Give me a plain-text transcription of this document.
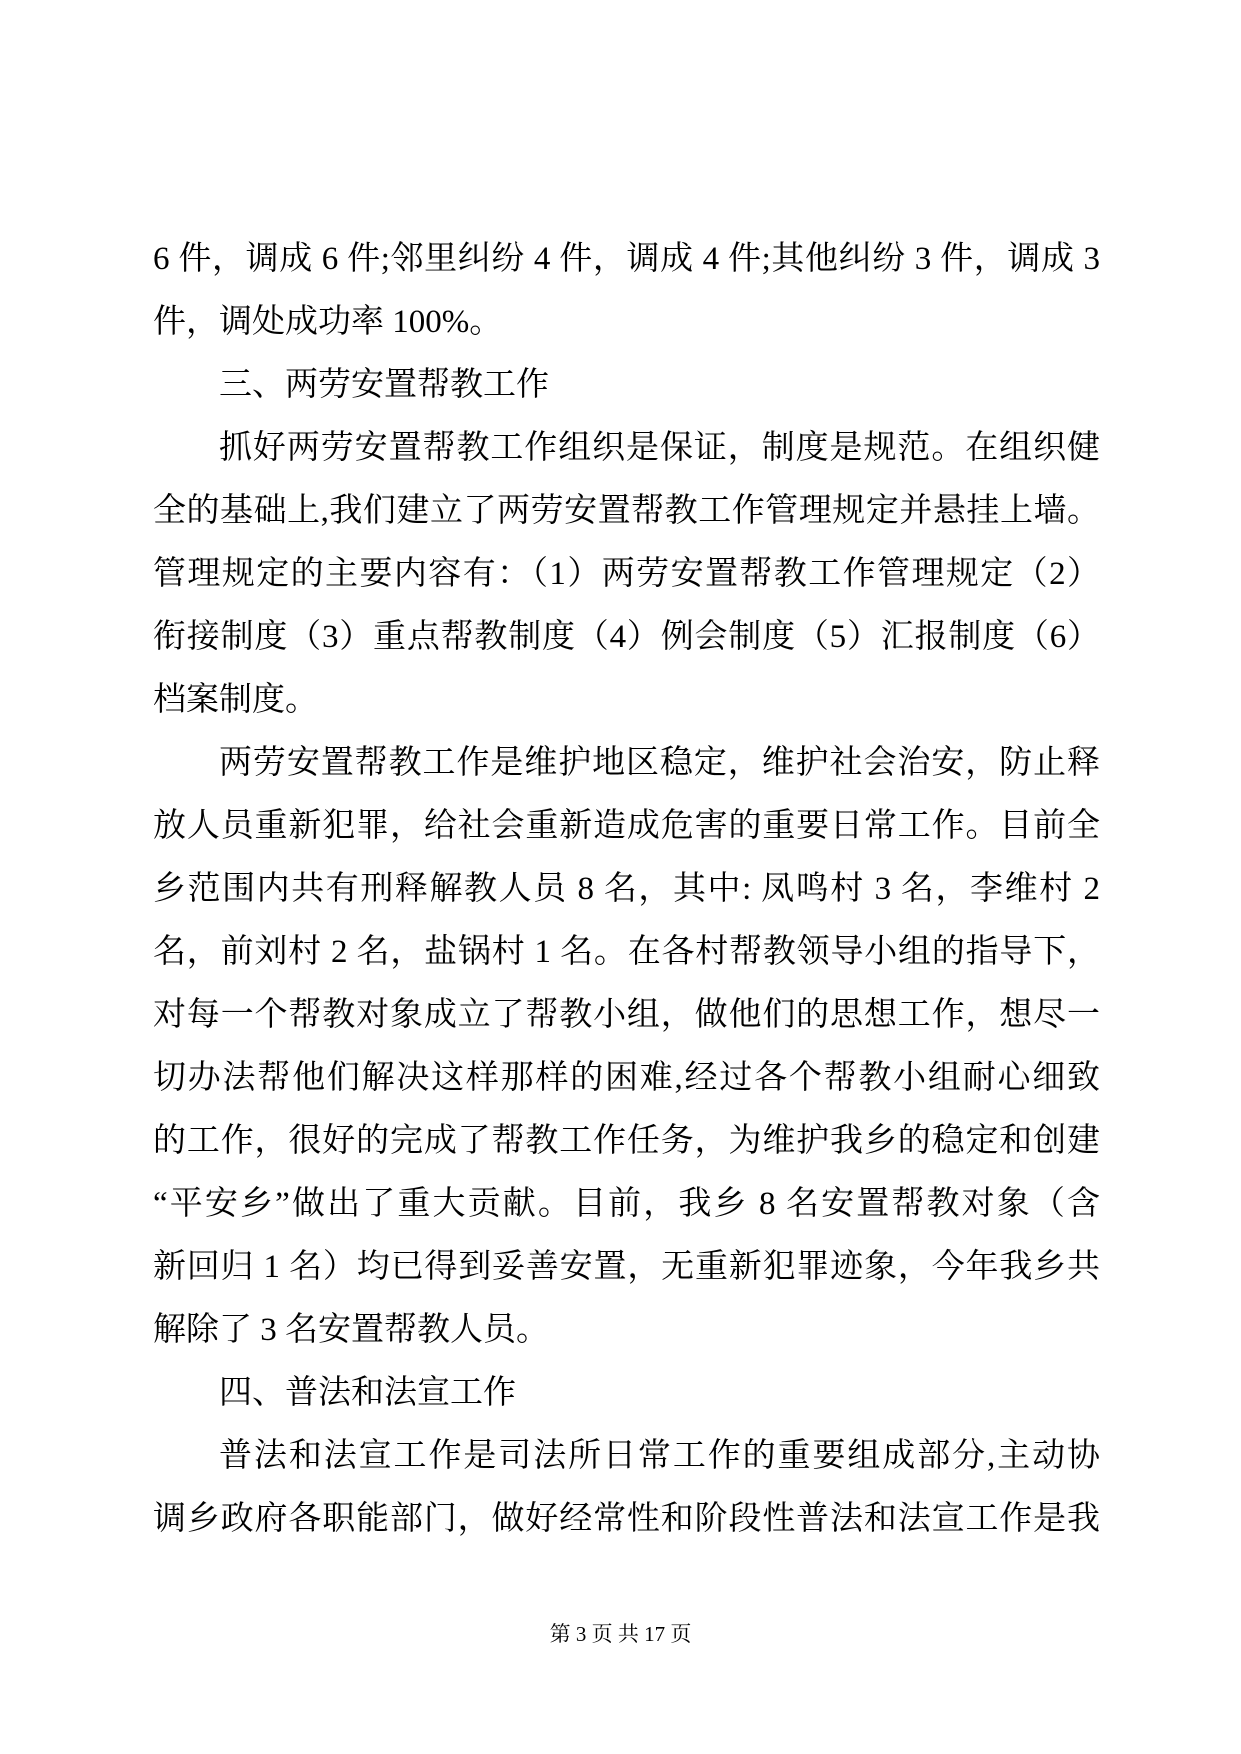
6 件，调成 6 件;邻里纠纷 4 件，调成 4 件;其他纠纷 3 件，调成 3
件，调处成功率 100%。
三、两劳安置帮教工作
抓好两劳安置帮教工作组织是保证，制度是规范。在组织健
全的基础上,我们建立了两劳安置帮教工作管理规定并悬挂上墙。
管理规定的主要内容有：（1）两劳安置帮教工作管理规定（2）
衔接制度（3）重点帮教制度（4）例会制度（5）汇报制度（6）
档案制度。
两劳安置帮教工作是维护地区稳定，维护社会治安，防止释
放人员重新犯罪，给社会重新造成危害的重要日常工作。目前全
乡范围内共有刑释解教人员 8 名，其中: 凤鸣村 3 名，李维村 2
名，前刘村 2 名，盐锅村 1 名。在各村帮教领导小组的指导下，
对每一个帮教对象成立了帮教小组，做他们的思想工作，想尽一
切办法帮他们解决这样那样的困难,经过各个帮教小组耐心细致
的工作，很好的完成了帮教工作任务，为维护我乡的稳定和创建
“平安乡”做出了重大贡献。目前，我乡 8 名安置帮教对象（含
新回归 1 名）均已得到妥善安置，无重新犯罪迹象，今年我乡共
解除了 3 名安置帮教人员。
四、普法和法宣工作
普法和法宣工作是司法所日常工作的重要组成部分,主动协
调乡政府各职能部门，做好经常性和阶段性普法和法宣工作是我
第 3 页 共 17 页
